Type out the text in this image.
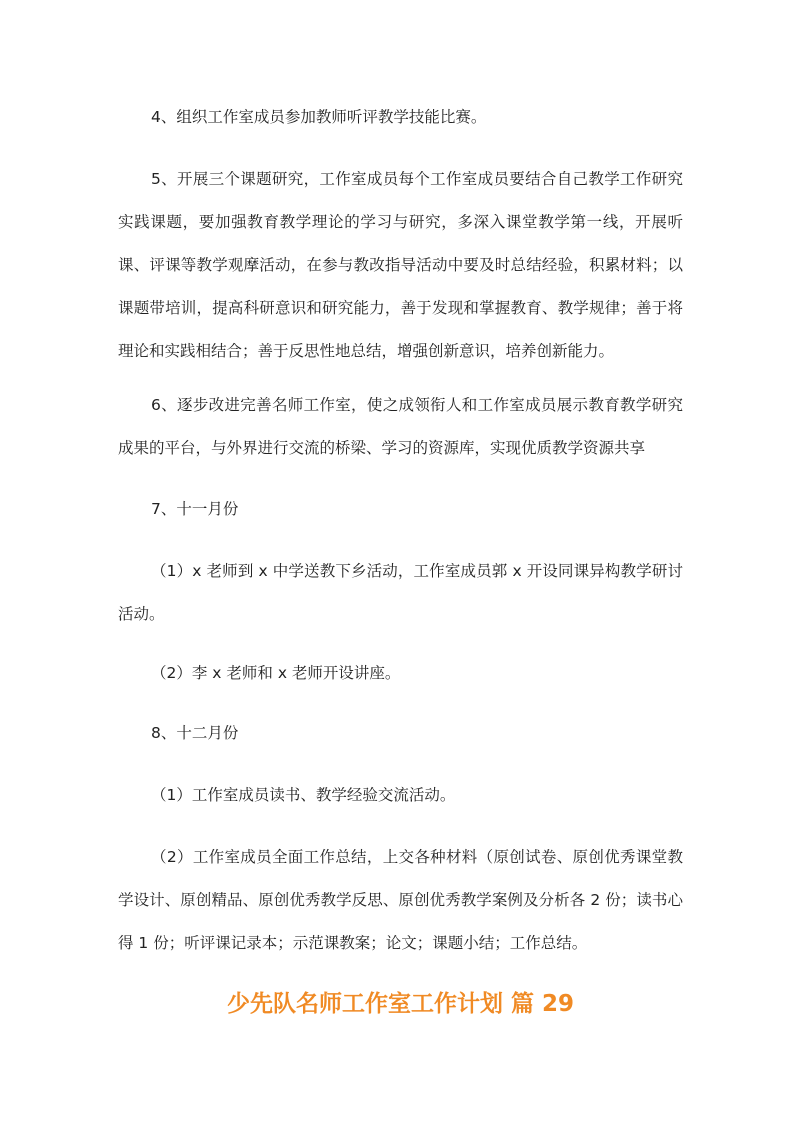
4、组织工作室成员参加教师听评教学技能比赛。

5、开展三个课题研究，工作室成员每个工作室成员要结合自己教学工作研究实践课题，要加强教育教学理论的学习与研究，多深入课堂教学第一线，开展听课、评课等教学观摩活动，在参与教改指导活动中要及时总结经验，积累材料；以课题带培训，提高科研意识和研究能力，善于发现和掌握教育、教学规律；善于将理论和实践相结合；善于反思性地总结，增强创新意识，培养创新能力。

6、逐步改进完善名师工作室，使之成领衔人和工作室成员展示教育教学研究成果的平台，与外界进行交流的桥梁、学习的资源库，实现优质教学资源共享

7、十一月份

（1）x 老师到 x 中学送教下乡活动，工作室成员郭 x 开设同课异构教学研讨活动。

（2）李 x 老师和 x 老师开设讲座。

8、十二月份

（1）工作室成员读书、教学经验交流活动。

（2）工作室成员全面工作总结，上交各种材料（原创试卷、原创优秀课堂教学设计、原创精品、原创优秀教学反思、原创优秀教学案例及分析各 2 份；读书心得 1 份；听评课记录本；示范课教案；论文；课题小结；工作总结。

少先队名师工作室工作计划 篇 29
